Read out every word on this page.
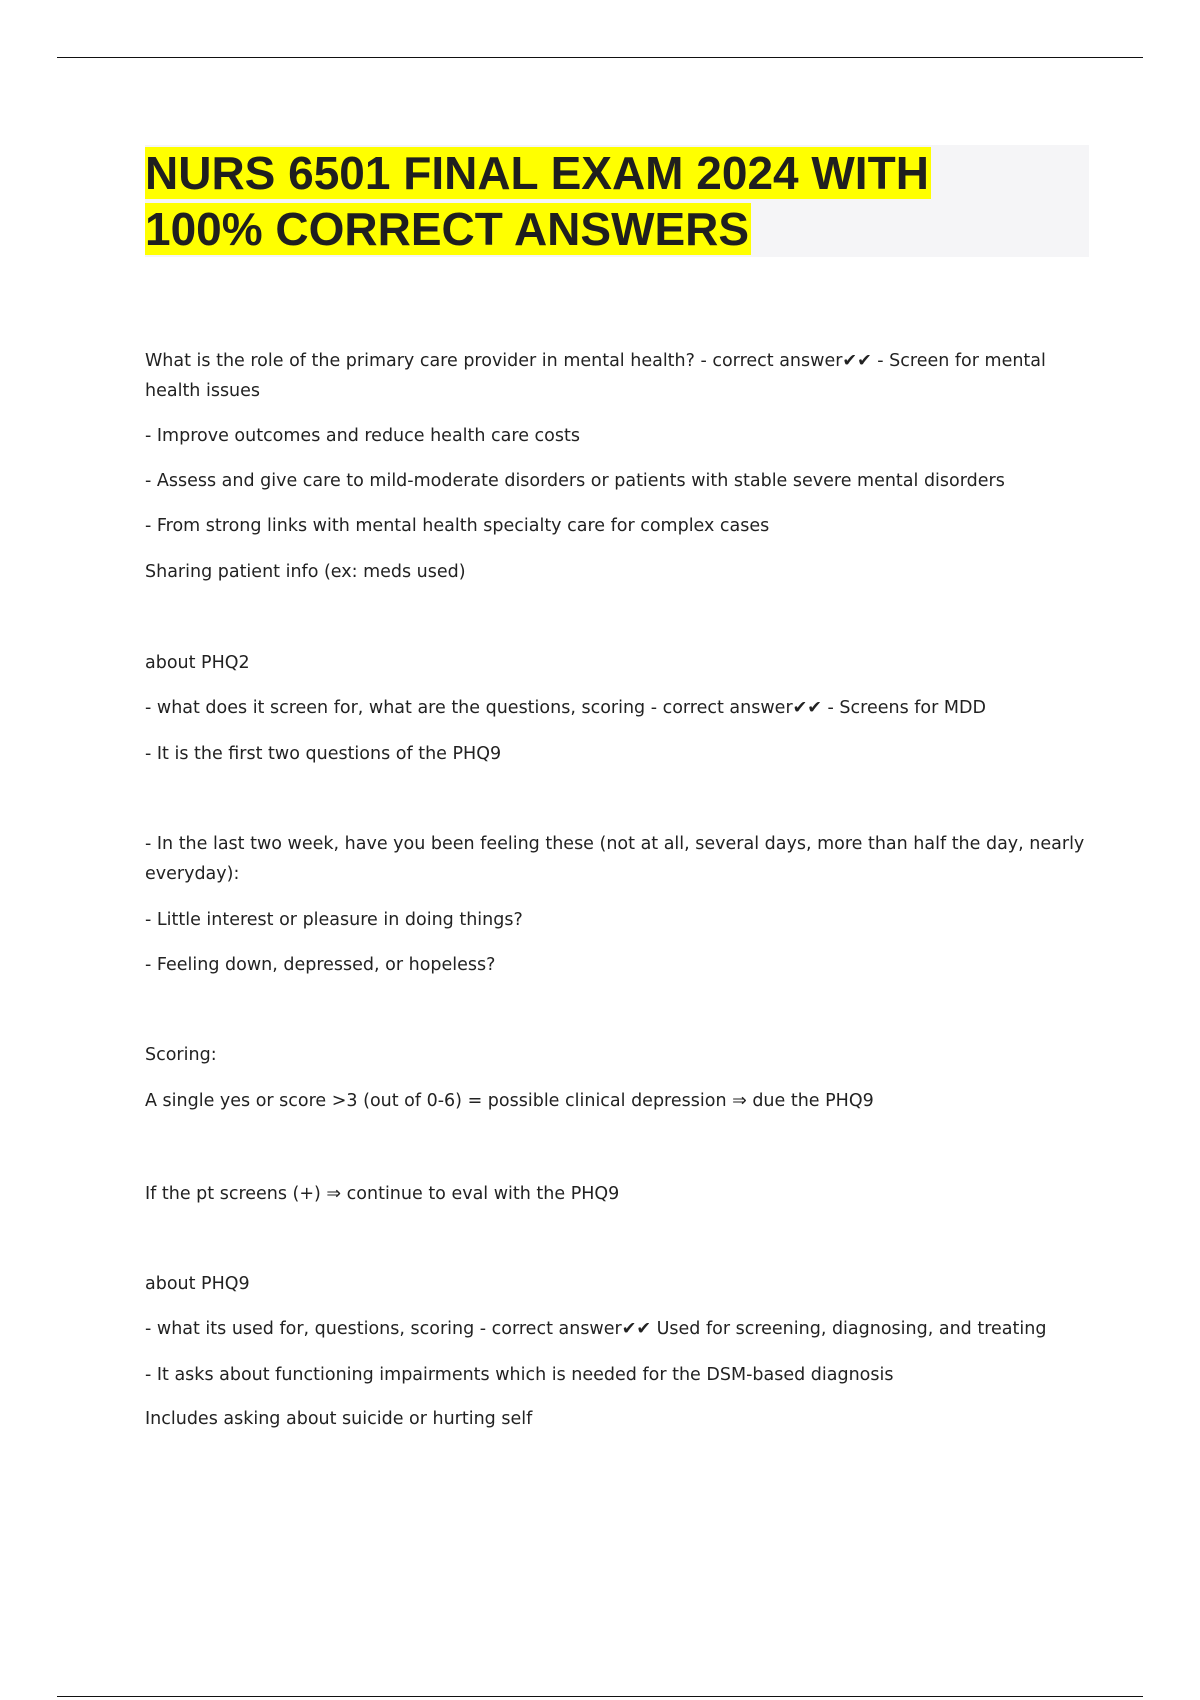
NURS 6501 FINAL EXAM 2024 WITH
100% CORRECT ANSWERS

What is the role of the primary care provider in mental health? - correct answer✔✔ - Screen for mental health issues

- Improve outcomes and reduce health care costs

- Assess and give care to mild-moderate disorders or patients with stable severe mental disorders

- From strong links with mental health specialty care for complex cases

Sharing patient info (ex: meds used)

about PHQ2

- what does it screen for, what are the questions, scoring - correct answer✔✔ - Screens for MDD

- It is the first two questions of the PHQ9

- In the last two week, have you been feeling these (not at all, several days, more than half the day, nearly everyday):

- Little interest or pleasure in doing things?

- Feeling down, depressed, or hopeless?

Scoring:

A single yes or score >3 (out of 0-6) = possible clinical depression ⇒ due the PHQ9

If the pt screens (+) ⇒ continue to eval with the PHQ9

about PHQ9

- what its used for, questions, scoring - correct answer✔✔ Used for screening, diagnosing, and treating

- It asks about functioning impairments which is needed for the DSM-based diagnosis

Includes asking about suicide or hurting self
